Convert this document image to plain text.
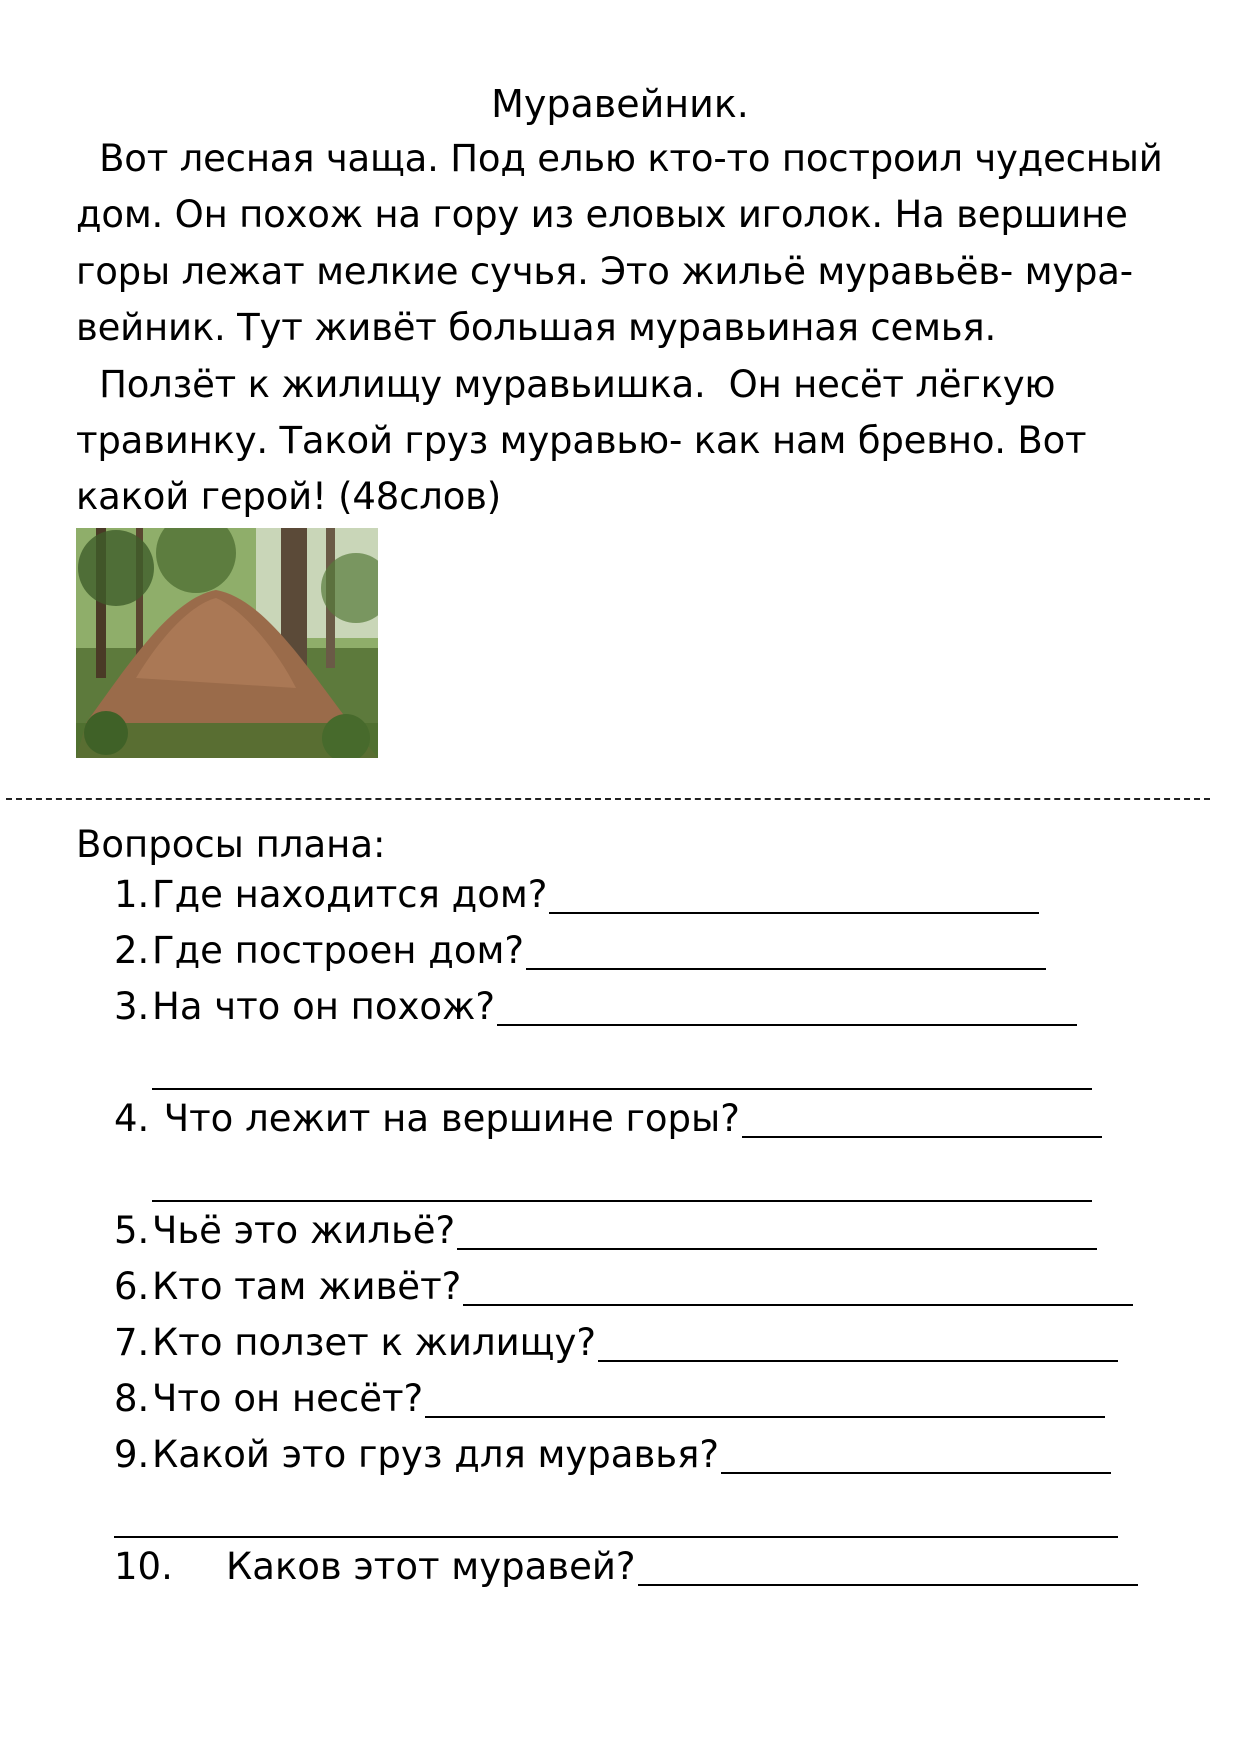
Муравейник.
Вот лесная чаща. Под елью кто-то построил чудесный
дом. Он похож на гору из еловых иголок. На вершине
горы лежат мелкие сучья. Это жильё муравьёв- мура-
вейник. Тут живёт большая муравьиная семья.
Ползёт к жилищу муравьишка.  Он несёт лёгкую
травинку. Такой груз муравью- как нам бревно. Вот
какой герой! (48слов)
Вопросы плана:
1. Где находится дом?
2. Где построен дом?
3. На что он похож?
4. Что лежит на вершине горы?
5. Чьё это жильё?
6. Кто там живёт?
7. Кто ползет к жилищу?
8. Что он несёт?
9. Какой это груз для муравья?
10.	Каков этот муравей?
